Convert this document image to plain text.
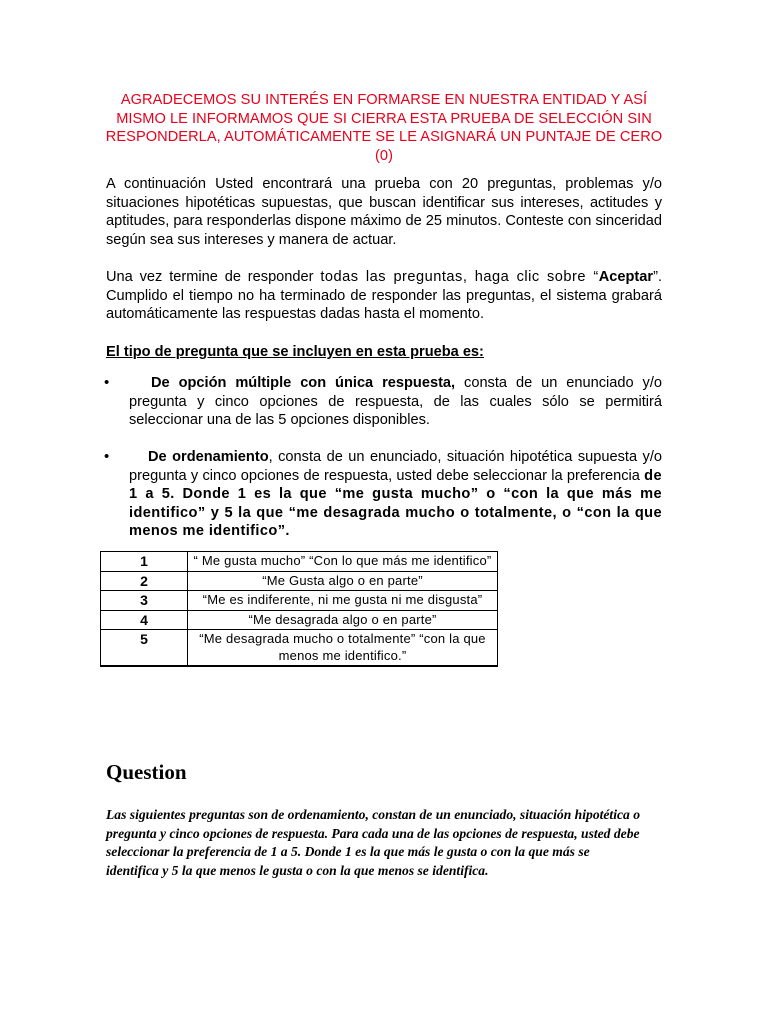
AGRADECEMOS SU INTERÉS EN FORMARSE EN NUESTRA ENTIDAD Y ASÍ MISMO LE INFORMAMOS QUE SI CIERRA ESTA PRUEBA DE SELECCIÓN SIN RESPONDERLA, AUTOMÁTICAMENTE SE LE ASIGNARÁ UN PUNTAJE DE CERO (0)
A continuación Usted encontrará una prueba con 20 preguntas, problemas y/o situaciones hipotéticas supuestas, que buscan identificar sus intereses, actitudes y aptitudes, para responderlas dispone máximo de 25 minutos. Conteste con sinceridad según sea sus intereses y manera de actuar.
Una vez termine de responder todas las preguntas, haga clic sobre “Aceptar”. Cumplido el tiempo no ha terminado de responder las preguntas, el sistema grabará automáticamente las respuestas dadas hasta el momento.
El tipo de pregunta que se incluyen en esta prueba es:
•	De opción múltiple con única respuesta, consta de un enunciado y/o pregunta y cinco opciones de respuesta, de las cuales sólo se permitirá seleccionar una de las 5 opciones disponibles.
•	De ordenamiento, consta de un enunciado, situación hipotética supuesta y/o pregunta y cinco opciones de respuesta, usted debe seleccionar la preferencia de 1 a 5. Donde 1 es la que “me gusta mucho” o “con la que más me identifico” y 5 la que “me desagrada mucho o totalmente, o “con la que menos me identifico”.
1	“ Me gusta mucho” “Con lo que más me identifico”
2	“Me Gusta algo o en parte”
3	“Me es indiferente, ni me gusta ni me disgusta”
4	“Me desagrada algo o en parte”
5	“Me desagrada mucho o totalmente” “con la que menos me identifico.”
Question
Las siguientes preguntas son de ordenamiento, constan de un enunciado, situación hipotética o pregunta y cinco opciones de respuesta. Para cada una de las opciones de respuesta, usted debe seleccionar la preferencia de 1 a 5. Donde 1 es la que más le gusta o con la que más se identifica y 5 la que menos le gusta o con la que menos se identifica.
